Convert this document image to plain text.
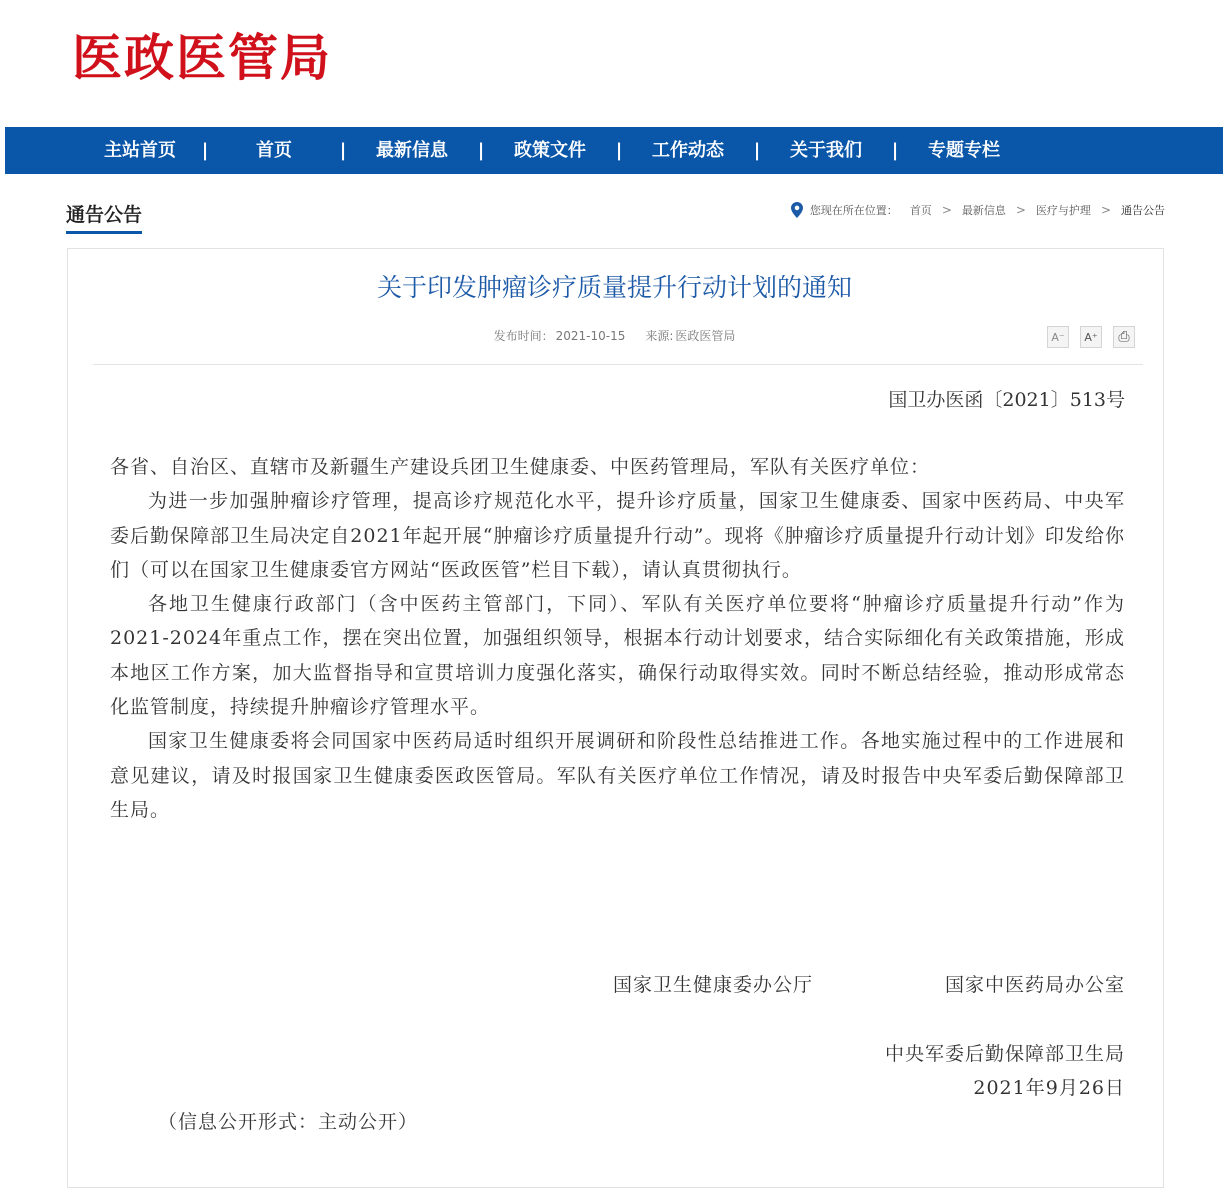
医政医管局
主站首页	|	首页	|	最新信息	|	政策文件	|	工作动态	|	关于我们	|	专题专栏
通告公告	您现在所在位置： 首页 > 最新信息 > 医疗与护理 > 通告公告
关于印发肿瘤诊疗质量提升行动计划的通知
发布时间： 2021-10-15 来源: 医政医管局	A⁻	A⁺	⎙
国卫办医函〔2021〕513号

各省、自治区、直辖市及新疆生产建设兵团卫生健康委、中医药管理局，军队有关医疗单位：

为进一步加强肿瘤诊疗管理，提高诊疗规范化水平，提升诊疗质量，国家卫生健康委、国家中医药局、中央军委后勤保障部卫生局决定自2021年起开展“肿瘤诊疗质量提升行动”。现将《肿瘤诊疗质量提升行动计划》印发给你们（可以在国家卫生健康委官方网站“医政医管”栏目下载），请认真贯彻执行。

各地卫生健康行政部门（含中医药主管部门，下同）、军队有关医疗单位要将“肿瘤诊疗质量提升行动”作为2021-2024年重点工作，摆在突出位置，加强组织领导，根据本行动计划要求，结合实际细化有关政策措施，形成本地区工作方案，加大监督指导和宣贯培训力度强化落实，确保行动取得实效。同时不断总结经验，推动形成常态化监管制度，持续提升肿瘤诊疗管理水平。

国家卫生健康委将会同国家中医药局适时组织开展调研和阶段性总结推进工作。各地实施过程中的工作进展和意见建议，请及时报国家卫生健康委医政医管局。军队有关医疗单位工作情况，请及时报告中央军委后勤保障部卫生局。

国家卫生健康委办公厅	国家中医药局办公室
中央军委后勤保障部卫生局
2021年9月26日
（信息公开形式：主动公开）
